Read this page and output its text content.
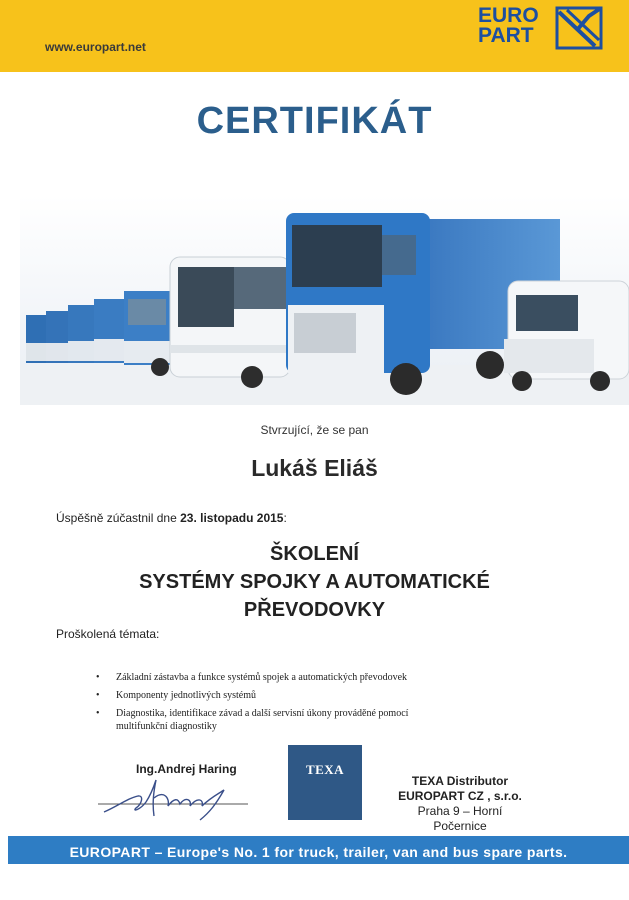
www.europart.net
EURO
PART
CERTIFIKÁT
Stvrzující, že se pan
Lukáš Eliáš
Úspěšně zúčastnil dne 23. listopadu 2015:
ŠKOLENÍ
SYSTÉMY SPOJKY A AUTOMATICKÉ
PŘEVODOVKY
Proškolená témata:
• Základní zástavba a funkce systémů spojek a automatických převodovek
• Komponenty jednotlivých systémů
• Diagnostika, identifikace závad a další servisní úkony prováděné pomocí multifunkční diagnostiky
Ing.Andrej Haring	TEXA
TEXA Distributor
EUROPART CZ , s.r.o.
Praha 9 – Horní Počernice
EUROPART – Europe's No. 1 for truck, trailer, van and bus spare parts.
